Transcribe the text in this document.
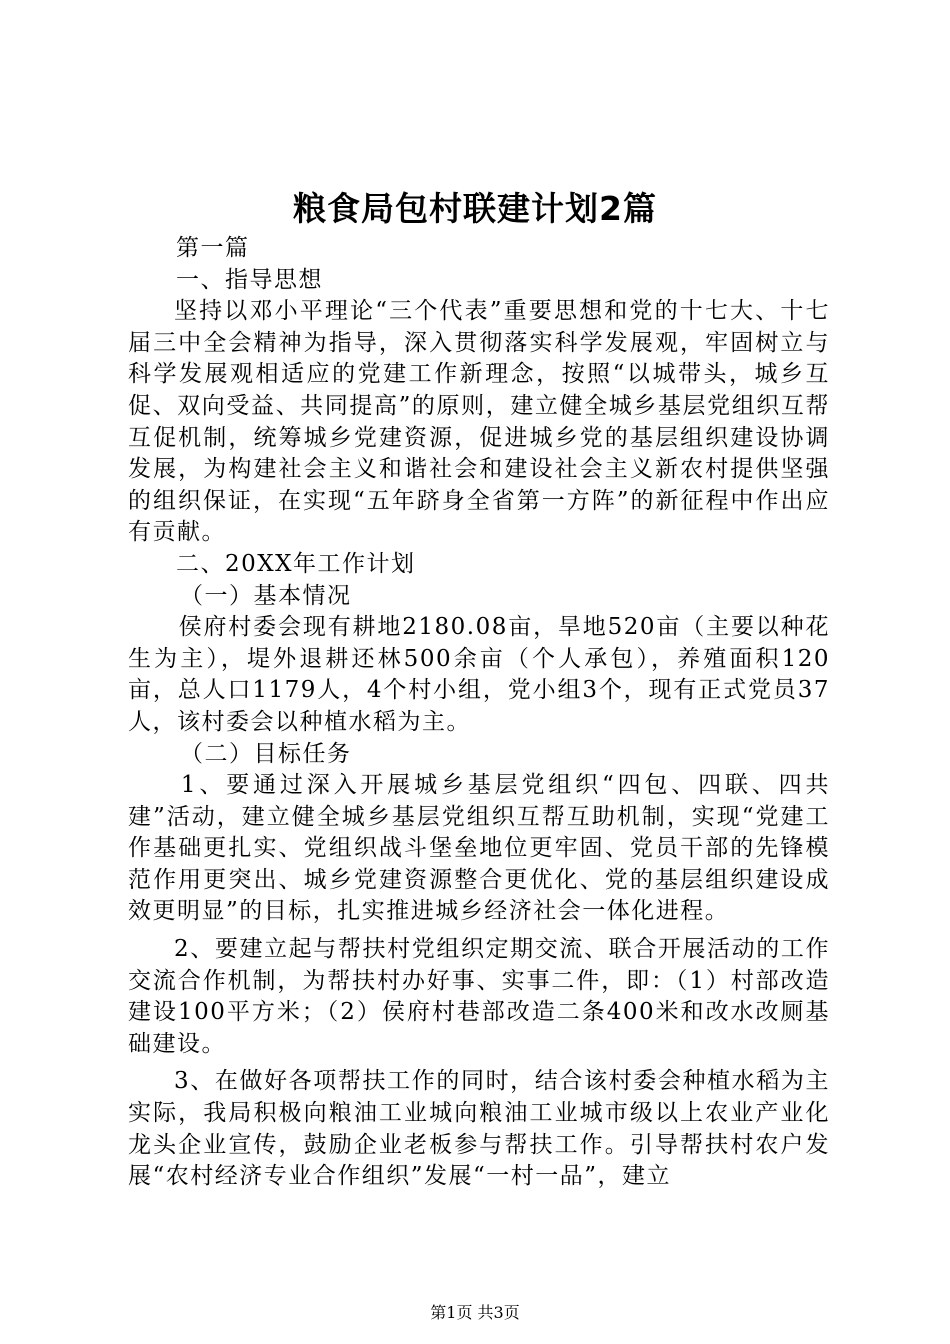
粮食局包村联建计划2篇

第一篇

一、指导思想

坚持以邓小平理论“三个代表”重要思想和党的十七大、十七届三中全会精神为指导，深入贯彻落实科学发展观，牢固树立与科学发展观相适应的党建工作新理念，按照“以城带头，城乡互促、双向受益、共同提高”的原则，建立健全城乡基层党组织互帮互促机制，统筹城乡党建资源，促进城乡党的基层组织建设协调发展，为构建社会主义和谐社会和建设社会主义新农村提供坚强的组织保证，在实现“五年跻身全省第一方阵”的新征程中作出应有贡献。

二、20XX年工作计划

（一）基本情况

侯府村委会现有耕地2180.08亩，旱地520亩（主要以种花生为主），堤外退耕还林500余亩（个人承包），养殖面积120亩，总人口1179人，4个村小组，党小组3个，现有正式党员37人，该村委会以种植水稻为主。

（二）目标任务

1、要通过深入开展城乡基层党组织“四包、四联、四共建”活动，建立健全城乡基层党组织互帮互助机制，实现“党建工作基础更扎实、党组织战斗堡垒地位更牢固、党员干部的先锋模范作用更突出、城乡党建资源整合更优化、党的基层组织建设成效更明显”的目标，扎实推进城乡经济社会一体化进程。

2、要建立起与帮扶村党组织定期交流、联合开展活动的工作交流合作机制，为帮扶村办好事、实事二件，即：（1）村部改造建设100平方米；（2）侯府村巷部改造二条400米和改水改厕基础建设。

3、在做好各项帮扶工作的同时，结合该村委会种植水稻为主实际，我局积极向粮油工业城向粮油工业城市级以上农业产业化龙头企业宣传，鼓励企业老板参与帮扶工作。引导帮扶村农户发展“农村经济专业合作组织”发展“一村一品”，建立

第1页 共3页
